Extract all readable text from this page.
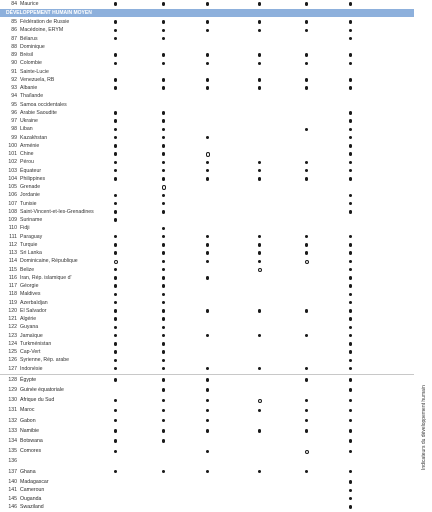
84 Maurice
DÉVELOPPEMENT HUMAIN MOYEN
85 Fédération de Russie
86 Macédoine, ERYM
87 Bélarus
88 Dominique
89 Brésil
90 Colombie
91 Sainte-Lucie
92 Venezuela, RB
93 Albanie
94 Thaïlande
95 Samoa occidentales
96 Arabie Saoudite
97 Ukraine
98 Liban
99 Kazakhstan
100 Arménie
101 Chine
102 Pérou
103 Équateur
104 Philippines
105 Grenade
106 Jordanie
107 Tunisie
108 Saint-Vincent-et-les-Grenadines
109 Suriname
110 Fidji
111 Paraguay
112 Turquie
113 Sri Lanka
114 Dominicaine, République
115 Belize
116 Iran, Rép. islamique d'
117 Géorgie
118 Maldives
119 Azerbaïdjan
120 El Salvador
121 Algérie
122 Guyana
123 Jamaïque
124 Turkménistan
125 Cap-Vert
126 Syrienne, Rép. arabe
127 Indonésie
128 Égypte
129 Guinée équatoriale
130 Afrique du Sud
131 Maroc
132 Gabon
133 Namibie
134 Botswana
135 Comores
136
137 Ghana
140 Madagascar
141 Cameroun
145 Ouganda
146 Swaziland
Indicateurs du développement humain
